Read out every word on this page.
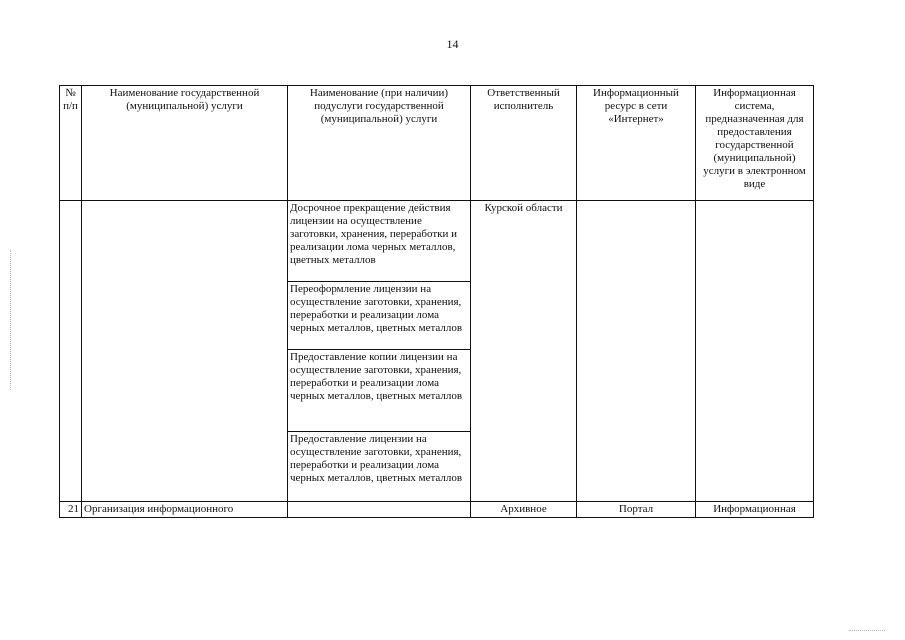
14
№ п/п	Наименование государственной (муниципальной) услуги	Наименование (при наличии) подуслуги государственной (муниципальной) услуги	Ответственный исполнитель	Информационный ресурс в сети «Интернет»	Информационная система, предназначенная для предоставления государственной (муниципальной) услуги в электронном виде
		Досрочное прекращение действия лицензии на осуществление заготовки, хранения, переработки и реализации лома черных металлов, цветных металлов	Курской области		
		Переоформление лицензии на осуществление заготовки, хранения, переработки и реализации лома черных металлов, цветных металлов			
		Предоставление копии лицензии на осуществление заготовки, хранения, переработки и реализации лома черных металлов, цветных металлов			
		Предоставление лицензии на осуществление заготовки, хранения, переработки и реализации лома черных металлов, цветных металлов			
21	Организация информационного		Архивное	Портал	Информационная
